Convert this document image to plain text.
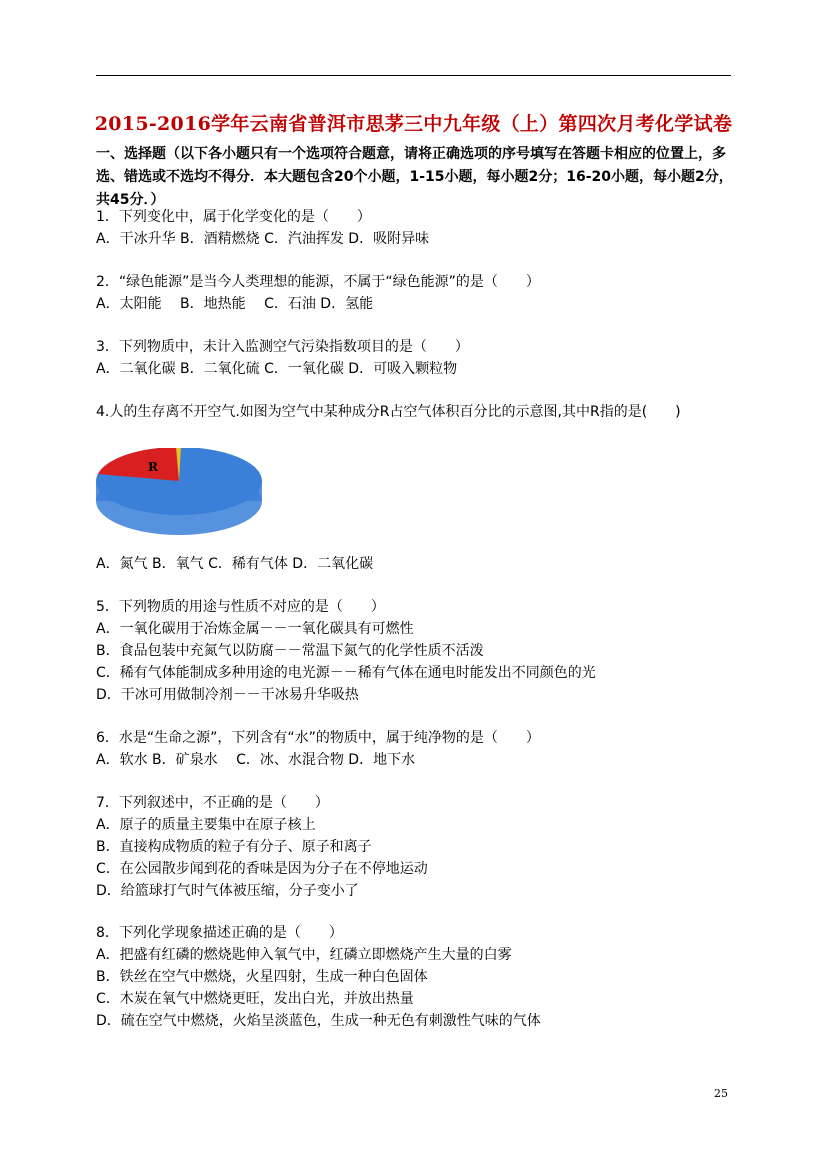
2015-2016学年云南省普洱市思茅三中九年级（上）第四次月考化学试卷
一、选择题（以下各小题只有一个选项符合题意，请将正确选项的序号填写在答题卡相应的位置上，多选、错选或不选均不得分．本大题包含20个小题，1-15小题，每小题2分；16-20小题，每小题2分，共45分．）
1．下列变化中，属于化学变化的是（　　）
A．干冰升华 B．酒精燃烧 C．汽油挥发 D．吸附异味
2．“绿色能源”是当今人类理想的能源，不属于“绿色能源”的是（　　）
A．太阳能　 B．地热能　 C．石油 D．氢能
3．下列物质中，未计入监测空气污染指数项目的是（　　）
A．二氧化碳 B．二氧化硫 C．一氧化碳 D．可吸入颗粒物
4.人的生存离不开空气.如图为空气中某种成分R占空气体积百分比的示意图,其中R指的是(　　)
R
A．氮气 B．氧气 C．稀有气体 D．二氧化碳
5．下列物质的用途与性质不对应的是（　　）
A．一氧化碳用于冶炼金属－－一氧化碳具有可燃性
B．食品包装中充氮气以防腐－－常温下氮气的化学性质不活泼
C．稀有气体能制成多种用途的电光源－－稀有气体在通电时能发出不同颜色的光
D．干冰可用做制冷剂－－干冰易升华吸热
6．水是“生命之源”，下列含有“水”的物质中，属于纯净物的是（　　）
A．软水 B．矿泉水　 C．冰、水混合物 D．地下水
7．下列叙述中，不正确的是（　　）
A．原子的质量主要集中在原子核上
B．直接构成物质的粒子有分子、原子和离子
C．在公园散步闻到花的香味是因为分子在不停地运动
D．给篮球打气时气体被压缩，分子变小了
8．下列化学现象描述正确的是（　　）
A．把盛有红磷的燃烧匙伸入氧气中，红磷立即燃烧产生大量的白雾
B．铁丝在空气中燃烧，火星四射，生成一种白色固体
C．木炭在氧气中燃烧更旺，发出白光，并放出热量
D．硫在空气中燃烧，火焰呈淡蓝色，生成一种无色有刺激性气味的气体
25
